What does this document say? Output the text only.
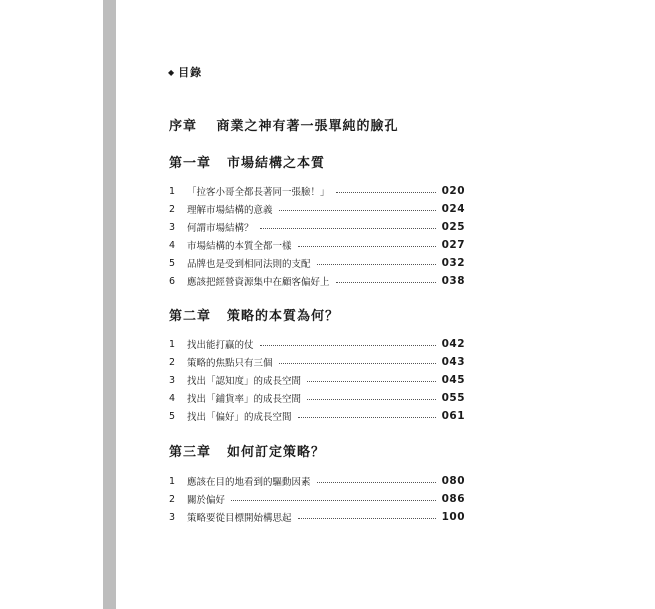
◆ 目錄
序章 商業之神有著一張單純的臉孔
第一章 市場結構之本質
1	「拉客小哥全都長著同一張臉！」	020
2	理解市場結構的意義	024
3	何謂市場結構？	025
4	市場結構的本質全都一樣	027
5	品牌也是受到相同法則的支配	032
6	應該把經營資源集中在顧客偏好上	038
第二章 策略的本質為何？
1	找出能打贏的仗	042
2	策略的焦點只有三個	043
3	找出「認知度」的成長空間	045
4	找出「鋪貨率」的成長空間	055
5	找出「偏好」的成長空間	061
第三章 如何訂定策略？
1	應該在目的地看到的驅動因素	080
2	關於偏好	086
3	策略要從目標開始構思起	100
